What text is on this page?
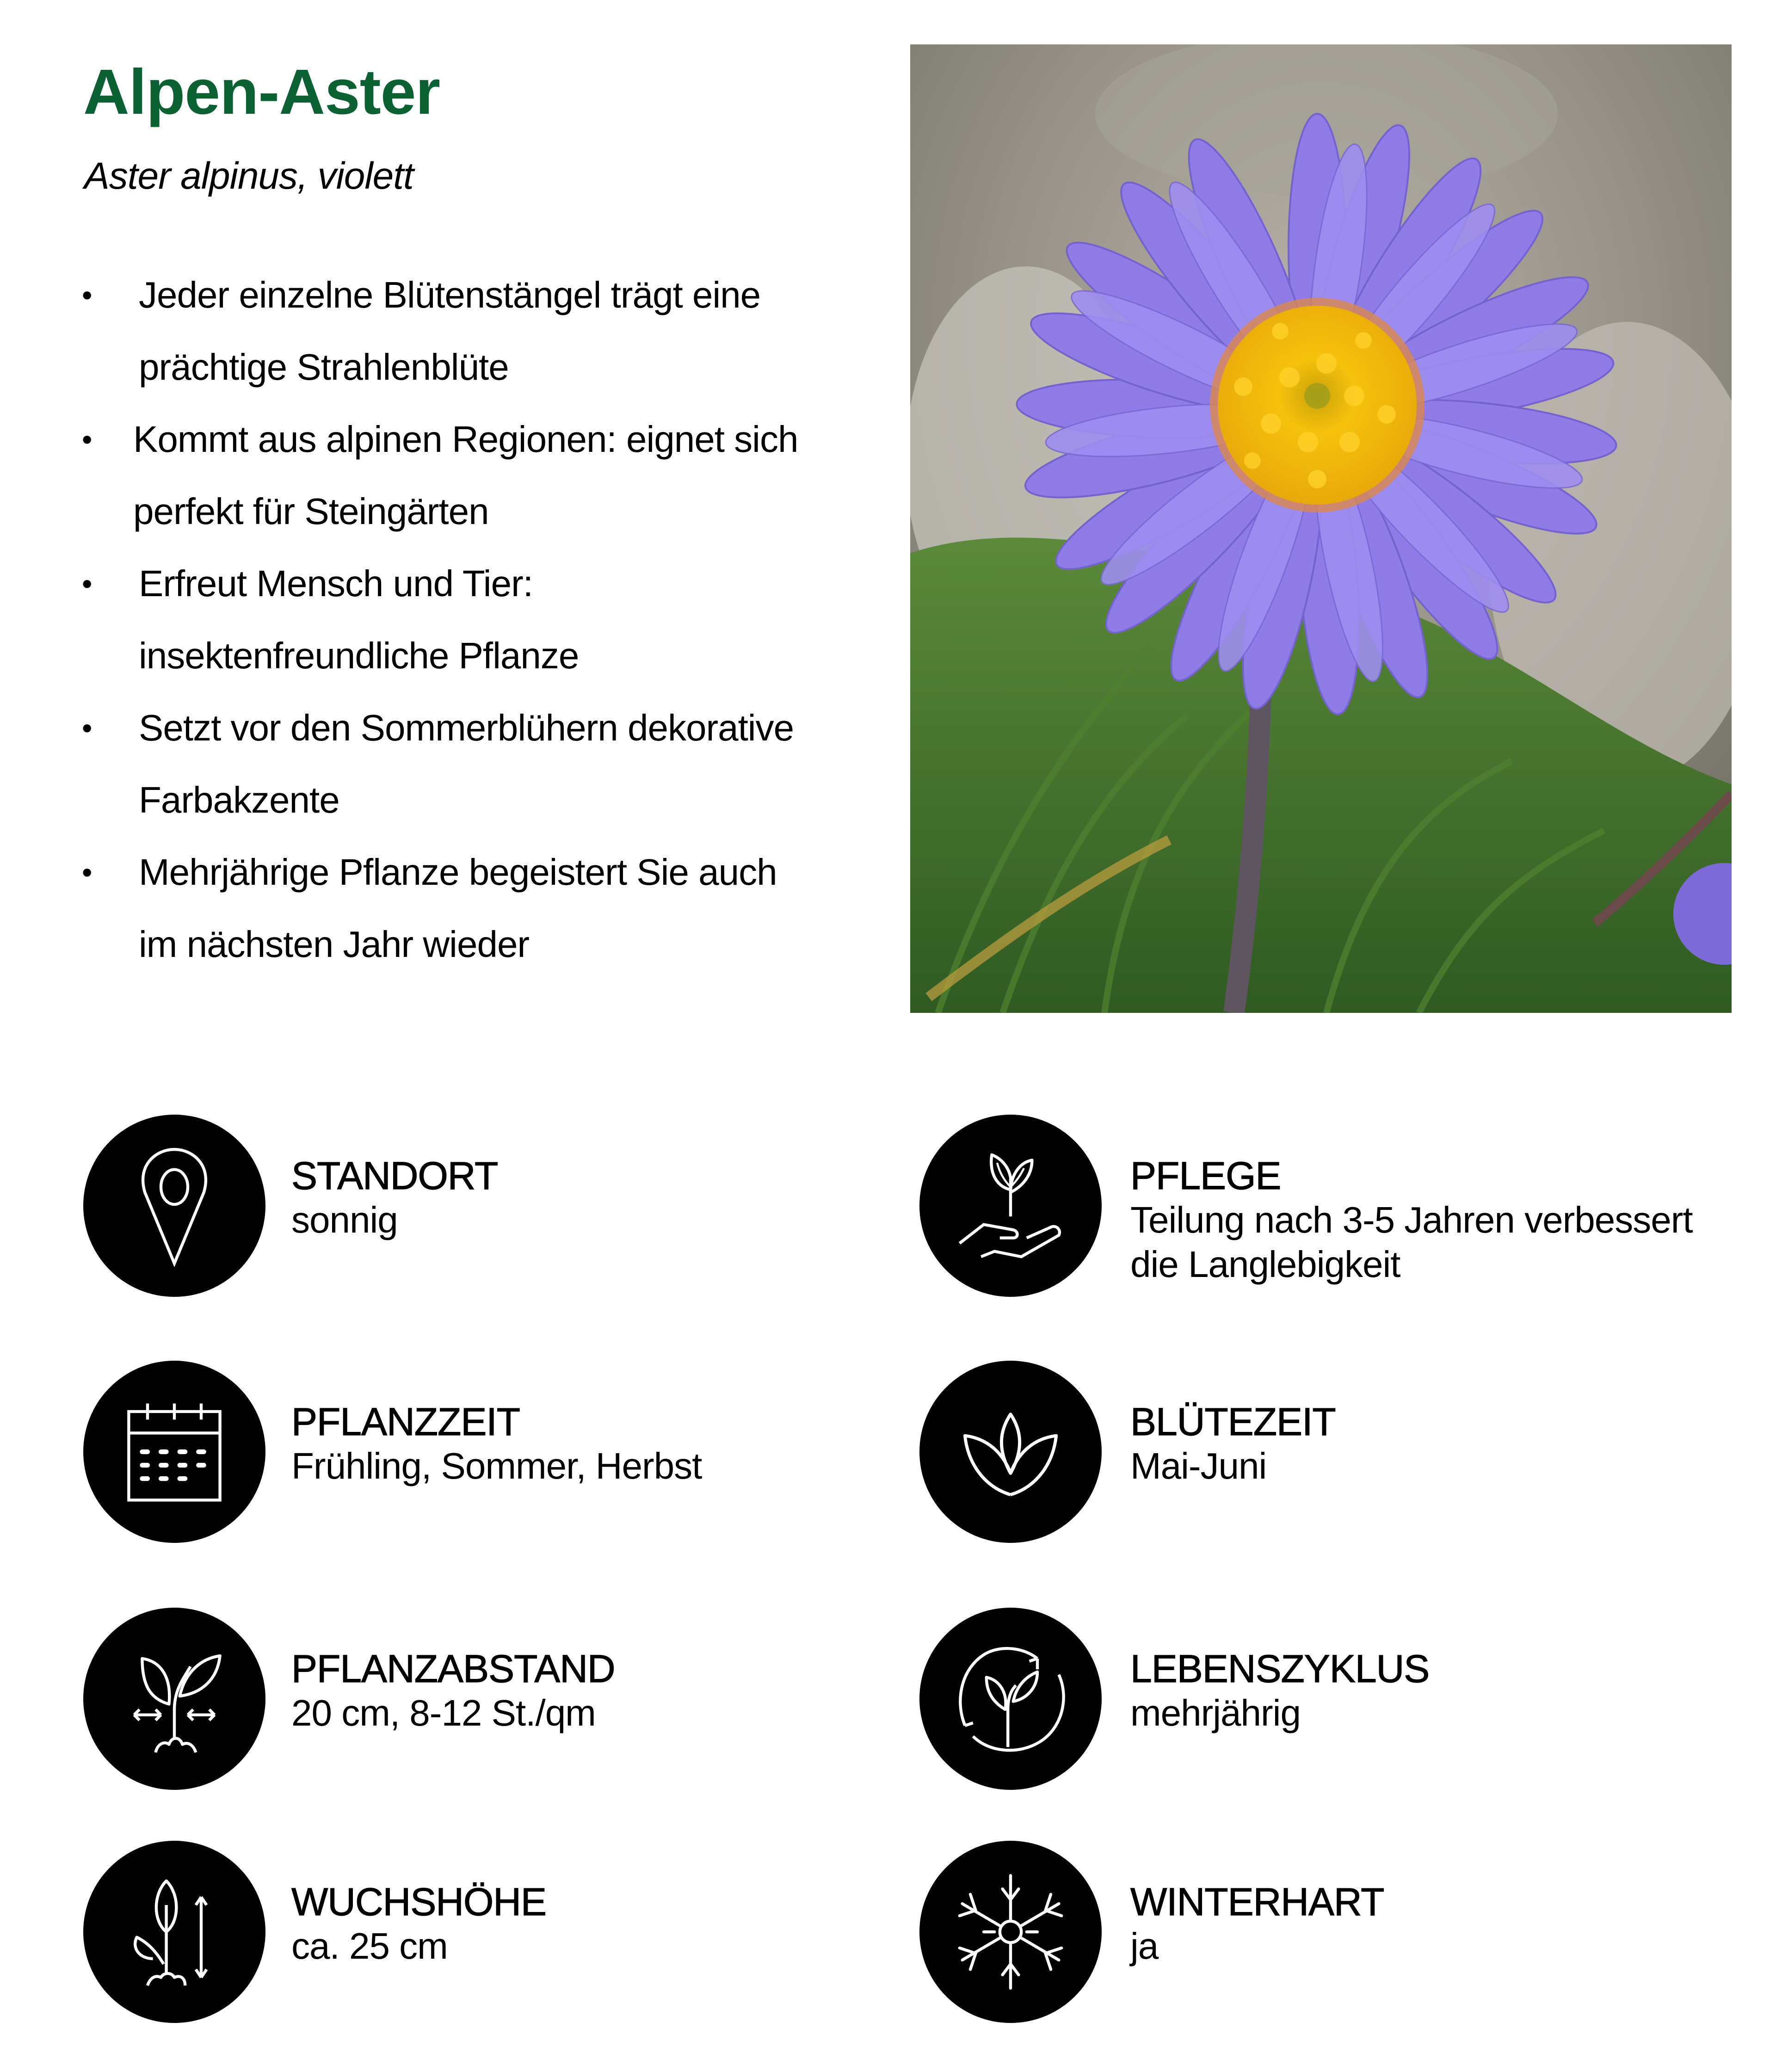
Alpen-Aster

Aster alpinus, violett

• Jeder einzelne Blütenstängel trägt eine
prächtige Strahlenblüte
• Kommt aus alpinen Regionen: eignet sich
perfekt für Steingärten
• Erfreut Mensch und Tier:
insektenfreundliche Pflanze
• Setzt vor den Sommerblühern dekorative
Farbakzente
• Mehrjährige Pflanze begeistert Sie auch
im nächsten Jahr wieder
STANDORT
sonnig
PFLEGE
Teilung nach 3-5 Jahren verbessert
die Langlebigkeit
PFLANZZEIT
Frühling, Sommer, Herbst
BLÜTEZEIT
Mai-Juni
PFLANZABSTAND
20 cm, 8-12 St./qm
LEBENSZYKLUS
mehrjährig
WUCHSHÖHE
ca. 25 cm
WINTERHART
ja
